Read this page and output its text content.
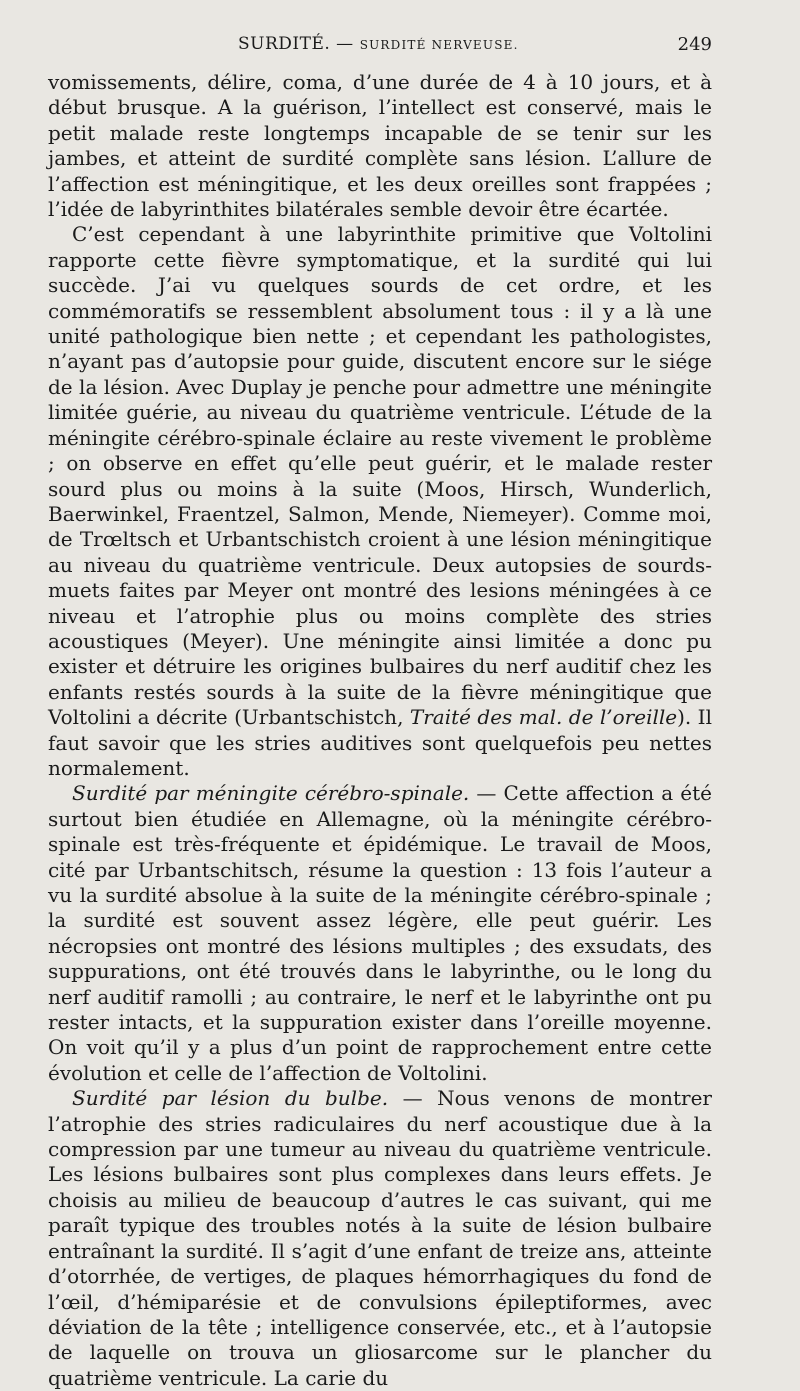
SURDITÉ. — SURDITÉ NERVEUSE.	249

vomissements, délire, coma, d’une durée de 4 à 10 jours, et à début brusque. A la guérison, l’intellect est conservé, mais le petit malade reste longtemps incapable de se tenir sur les jambes, et atteint de surdité complète sans lésion. L’allure de l’affection est méningitique, et les deux oreilles sont frappées ; l’idée de labyrinthites bilatérales semble devoir être écartée.

C’est cependant à une labyrinthite primitive que Voltolini rapporte cette fièvre symptomatique, et la surdité qui lui succède. J’ai vu quelques sourds de cet ordre, et les commémoratifs se ressemblent absolument tous : il y a là une unité pathologique bien nette ; et cependant les pathologistes, n’ayant pas d’autopsie pour guide, discutent encore sur le siége de la lésion. Avec Duplay je penche pour admettre une méningite limitée guérie, au niveau du quatrième ventricule. L’étude de la méningite cérébro-spinale éclaire au reste vivement le problème ; on observe en effet qu’elle peut guérir, et le malade rester sourd plus ou moins à la suite (Moos, Hirsch, Wunderlich, Baerwinkel, Fraentzel, Salmon, Mende, Niemeyer). Comme moi, de Trœltsch et Urbantschistch croient à une lésion méningitique au niveau du quatrième ventricule. Deux autopsies de sourds-muets faites par Meyer ont montré des lesions méningées à ce niveau et l’atrophie plus ou moins complète des stries acoustiques (Meyer). Une méningite ainsi limitée a donc pu exister et détruire les origines bulbaires du nerf auditif chez les enfants restés sourds à la suite de la fièvre méningitique que Voltolini a décrite (Urbantschistch, Traité des mal. de l’oreille). Il faut savoir que les stries auditives sont quelquefois peu nettes normalement.

Surdité par méningite cérébro-spinale. — Cette affection a été surtout bien étudiée en Allemagne, où la méningite cérébro-spinale est très-fréquente et épidémique. Le travail de Moos, cité par Urbantschitsch, résume la question : 13 fois l’auteur a vu la surdité absolue à la suite de la méningite cérébro-spinale ; la surdité est souvent assez légère, elle peut guérir. Les nécropsies ont montré des lésions multiples ; des exsudats, des suppurations, ont été trouvés dans le labyrinthe, ou le long du nerf auditif ramolli ; au contraire, le nerf et le labyrinthe ont pu rester intacts, et la suppuration exister dans l’oreille moyenne. On voit qu’il y a plus d’un point de rapprochement entre cette évolution et celle de l’affection de Voltolini.

Surdité par lésion du bulbe. — Nous venons de montrer l’atrophie des stries radiculaires du nerf acoustique due à la compression par une tumeur au niveau du quatrième ventricule. Les lésions bulbaires sont plus complexes dans leurs effets. Je choisis au milieu de beaucoup d’autres le cas suivant, qui me paraît typique des troubles notés à la suite de lésion bulbaire entraînant la surdité. Il s’agit d’une enfant de treize ans, atteinte d’otorrhée, de vertiges, de plaques hémorrhagiques du fond de l’œil, d’hémiparésie et de convulsions épileptiformes, avec déviation de la tête ; intelligence conservée, etc., et à l’autopsie de laquelle on trouva un gliosarcome sur le plancher du quatrième ventricule. La carie du
